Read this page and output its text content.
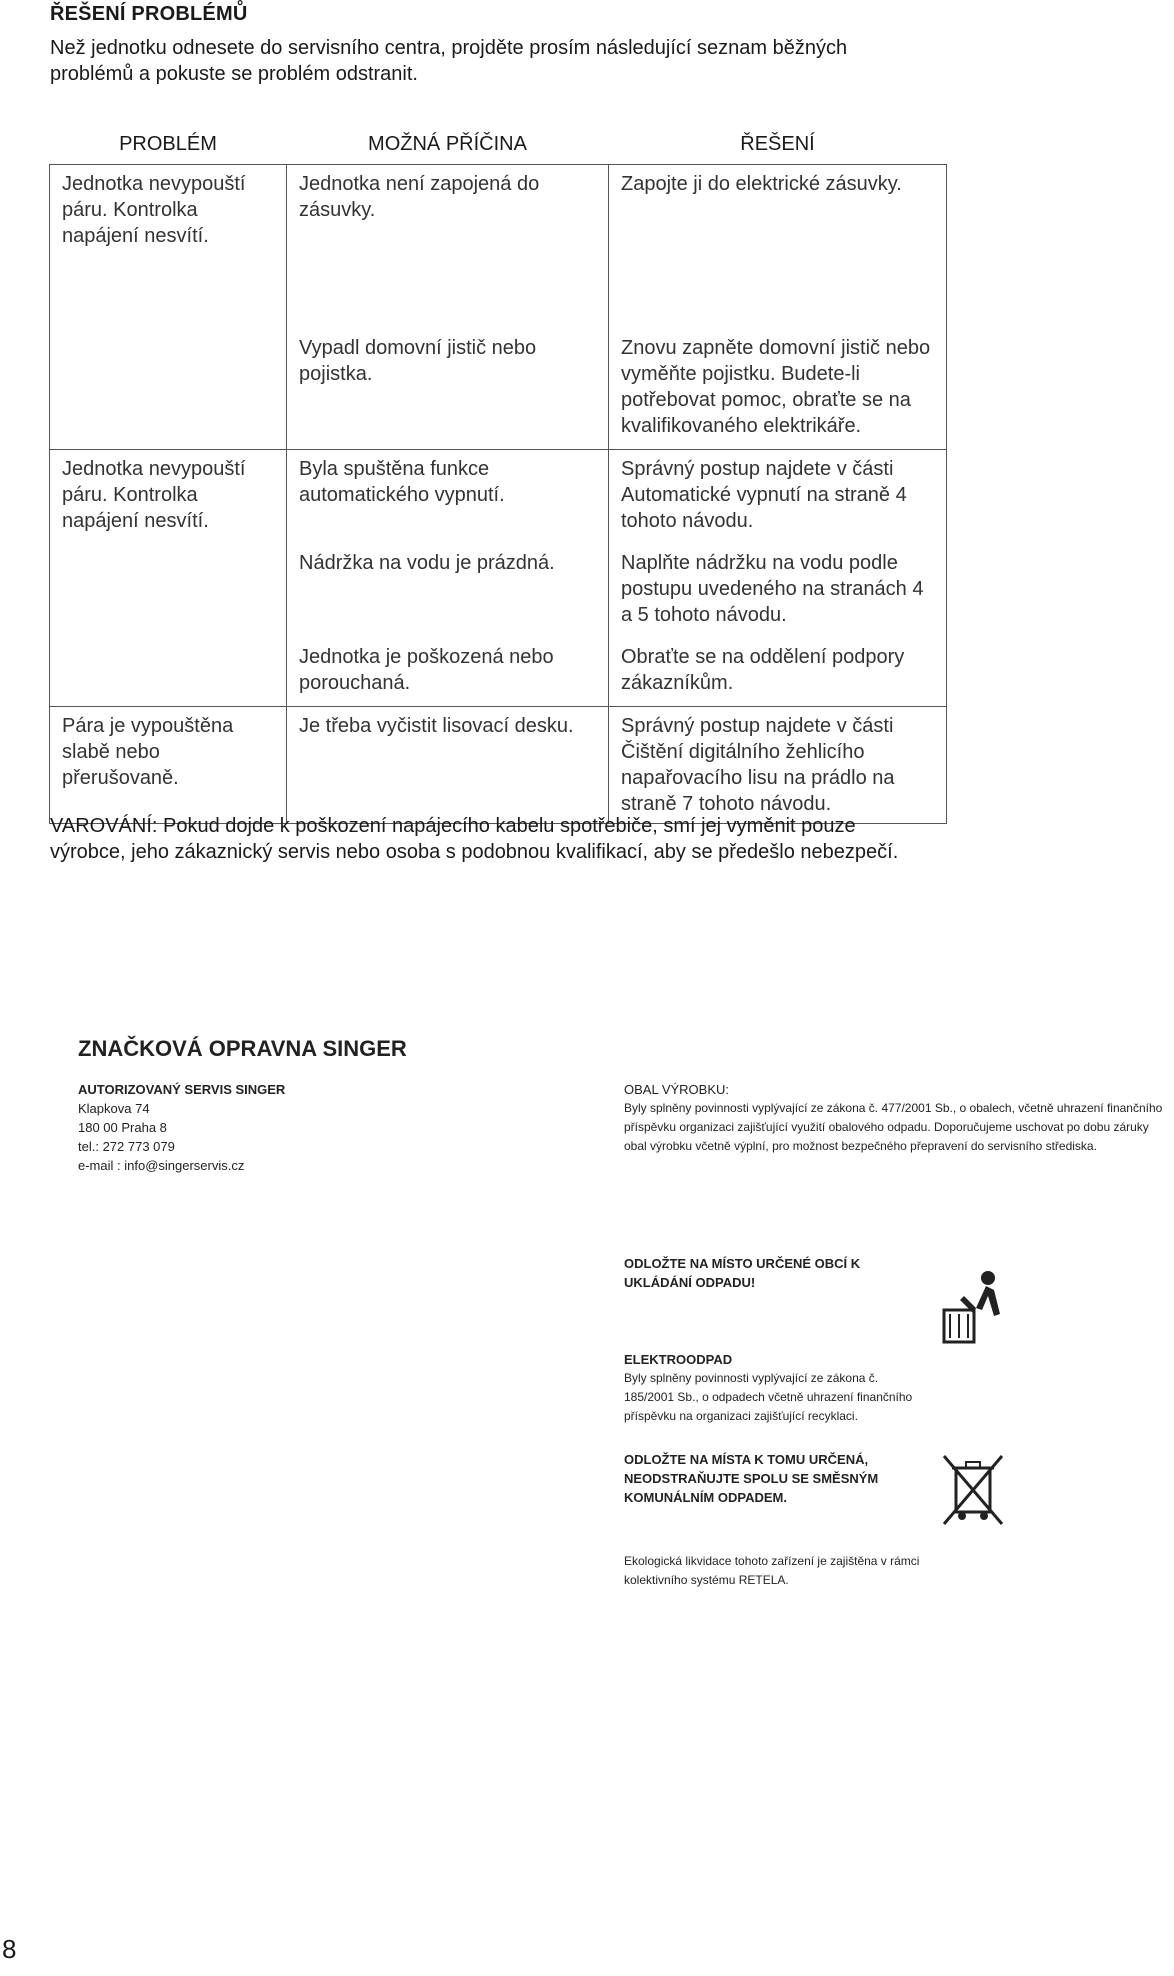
ŘEŠENÍ PROBLÉMŮ
Než jednotku odnesete do servisního centra, projděte prosím následující seznam běžných problémů a pokuste se problém odstranit.
PROBLÉM	MOŽNÁ PŘÍČINA	ŘEŠENÍ
Jednotka nevypouští páru. Kontrolka napájení nesvítí.	Jednotka není zapojená do zásuvky.	Zapojte ji do elektrické zásuvky.
	Vypadl domovní jistič nebo pojistka.	Znovu zapněte domovní jistič nebo vyměňte pojistku. Budete-li potřebovat pomoc, obraťte se na kvalifikovaného elektrikáře.
Jednotka nevypouští páru. Kontrolka napájení nesvítí.	Byla spuštěna funkce automatického vypnutí.	Správný postup najdete v části Automatické vypnutí na straně 4 tohoto návodu.
	Nádržka na vodu je prázdná.	Naplňte nádržku na vodu podle postupu uvedeného na stranách 4 a 5 tohoto návodu.
	Jednotka je poškozená nebo porouchaná.	Obraťte se na oddělení podpory zákazníkům.
Pára je vypouštěna slabě nebo přerušovaně.	Je třeba vyčistit lisovací desku.	Správný postup najdete v části Čištění digitálního žehlicího napařovacího lisu na prádlo na straně 7 tohoto návodu.
VAROVÁNÍ: Pokud dojde k poškození napájecího kabelu spotřebiče, smí jej vyměnit pouze výrobce, jeho zákaznický servis nebo osoba s podobnou kvalifikací, aby se předešlo nebezpečí.
ZNAČKOVÁ OPRAVNA SINGER
AUTORIZOVANÝ SERVIS SINGER
Klapkova 74
180 00 Praha 8
tel.: 272 773 079
e-mail : info@singerservis.cz
OBAL VÝROBKU:
Byly splněny povinnosti vyplývající ze zákona č. 477/2001 Sb., o obalech, včetně uhrazení finančního příspěvku organizaci zajišťující využití obalového odpadu. Doporučujeme uschovat po dobu záruky obal výrobku včetně výplní, pro možnost bezpečného přepravení do servisního střediska.
ODLOŽTE NA MÍSTO URČENÉ OBCÍ K UKLÁDÁNÍ ODPADU!
ELEKTROODPAD
Byly splněny povinnosti vyplývající ze zákona č. 185/2001 Sb., o odpadech včetně uhrazení finančního příspěvku na organizaci zajišťující recyklaci.
ODLOŽTE NA MÍSTA K TOMU URČENÁ, NEODSTRAŇUJTE SPOLU SE SMĚSNÝM KOMUNÁLNÍM ODPADEM.
Ekologická likvidace tohoto zařízení je zajištěna v rámci kolektivního systému RETELA.
8
